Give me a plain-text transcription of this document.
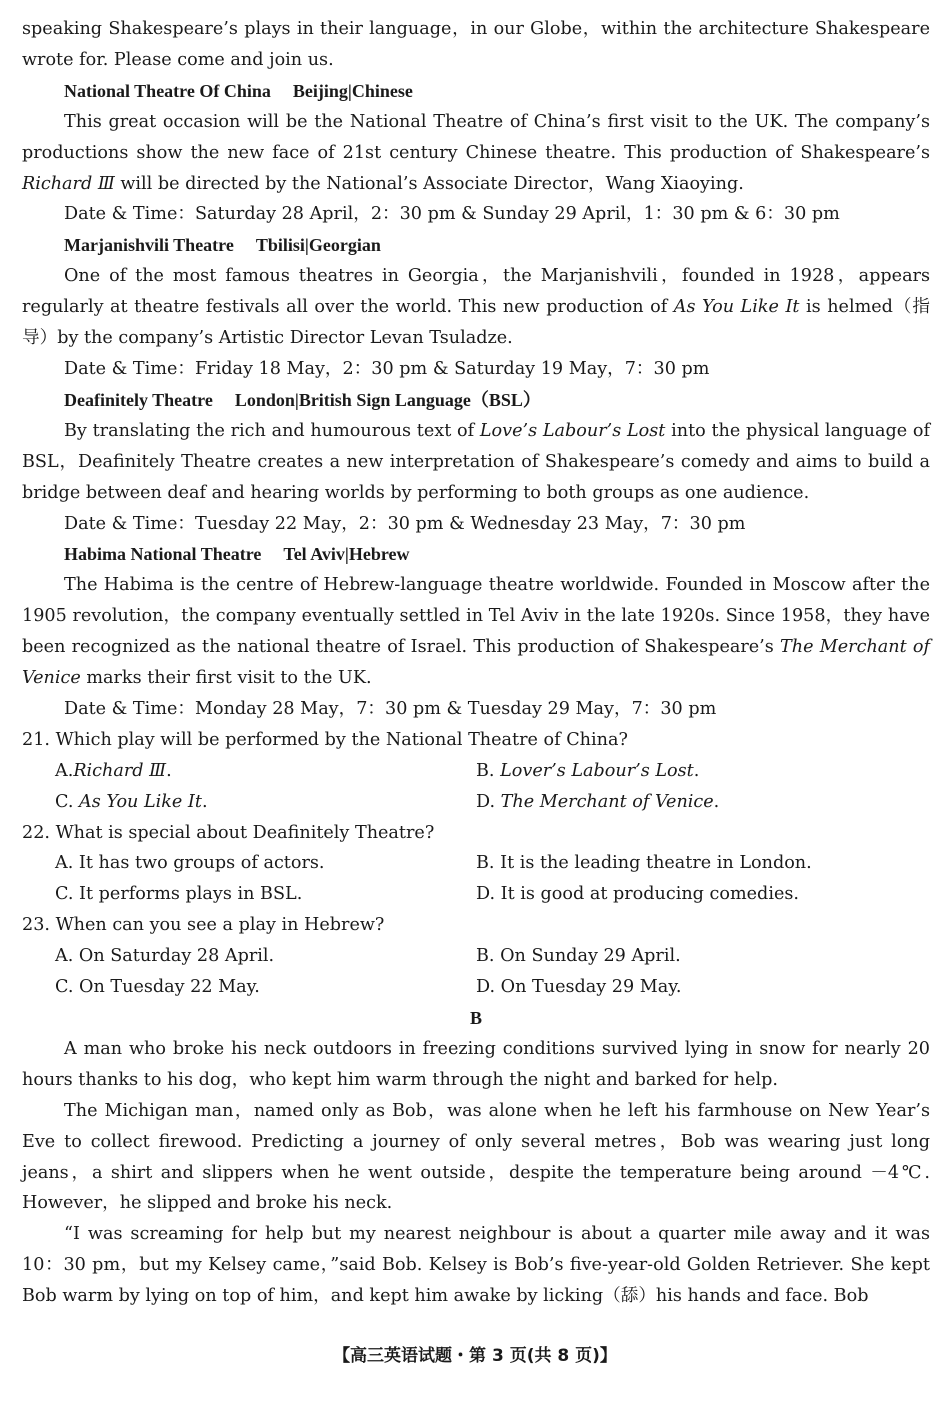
speaking Shakespeare’s plays in their language，in our Globe，within the architecture Shakespeare wrote for. Please come and join us.

National Theatre Of China Beijing|Chinese

This great occasion will be the National Theatre of China’s first visit to the UK. The company’s productions show the new face of 21st century Chinese theatre. This production of Shakespeare’s Richard Ⅲ will be directed by the National’s Associate Director，Wang Xiaoying.

Date & Time：Saturday 28 April，2：30 pm & Sunday 29 April，1：30 pm & 6：30 pm
Marjanishvili Theatre Tbilisi|Georgian

One of the most famous theatres in Georgia，the Marjanishvili，founded in 1928，appears regularly at theatre festivals all over the world. This new production of As You Like It is helmed（指导）by the company’s Artistic Director Levan Tsuladze.

Date & Time：Friday 18 May，2：30 pm & Saturday 19 May，7：30 pm
Deafinitely Theatre London|British Sign Language（BSL）

By translating the rich and humourous text of Love’s Labour’s Lost into the physical language of BSL，Deafinitely Theatre creates a new interpretation of Shakespeare’s comedy and aims to build a bridge between deaf and hearing worlds by performing to both groups as one audience.

Date & Time：Tuesday 22 May，2：30 pm & Wednesday 23 May，7：30 pm
Habima National Theatre Tel Aviv|Hebrew

The Habima is the centre of Hebrew-language theatre worldwide. Founded in Moscow after the 1905 revolution，the company eventually settled in Tel Aviv in the late 1920s. Since 1958，they have been recognized as the national theatre of Israel. This production of Shakespeare’s The Merchant of Venice marks their first visit to the UK.

Date & Time：Monday 28 May，7：30 pm & Tuesday 29 May，7：30 pm
21. Which play will be performed by the National Theatre of China?
A.Richard Ⅲ.	B. Lover’s Labour’s Lost.
C. As You Like It.	D. The Merchant of Venice.
22. What is special about Deafinitely Theatre?
A. It has two groups of actors.	B. It is the leading theatre in London.
C. It performs plays in BSL.	D. It is good at producing comedies.
23. When can you see a play in Hebrew?
A. On Saturday 28 April.	B. On Sunday 29 April.
C. On Tuesday 22 May.	D. On Tuesday 29 May.
B

A man who broke his neck outdoors in freezing conditions survived lying in snow for nearly 20 hours thanks to his dog，who kept him warm through the night and barked for help.

The Michigan man，named only as Bob，was alone when he left his farmhouse on New Year’s Eve to collect firewood. Predicting a journey of only several metres，Bob was wearing just long jeans，a shirt and slippers when he went outside，despite the temperature being around －4℃. However，he slipped and broke his neck.

“I was screaming for help but my nearest neighbour is about a quarter mile away and it was 10：30 pm，but my Kelsey came，”said Bob. Kelsey is Bob’s five-year-old Golden Retriever. She kept Bob warm by lying on top of him，and kept him awake by licking（舔）his hands and face. Bob

【高三英语试题・第 3 页(共 8 页)】
